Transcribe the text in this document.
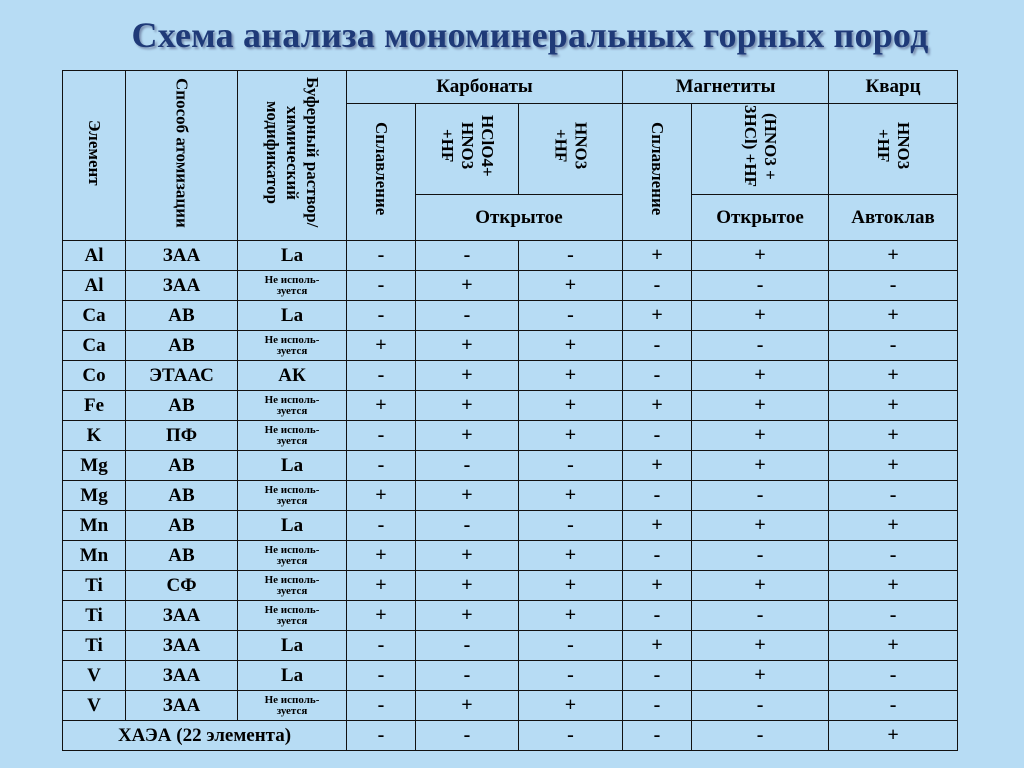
Схема анализа мономинеральных горных пород
Элемент	Способ атомизации	Буферный раствор/ химический модификатор	Карбонаты			Магнетиты		Кварц
			Сплавление	HClO4+ HNO3 +HF	HNO3 +HF	Сплавление	(HNO3 + 3HCl) +HF	HNO3 +HF
				Открытое			Открытое	Автоклав
Al	ЗАА	La	-	-	-	+	+	+
Al	ЗАА	Не исполь-
зуется	-	+	+	-	-	-
Ca	АВ	La	-	-	-	+	+	+
Ca	АВ	Не исполь-
зуется	+	+	+	-	-	-
Co	ЭТААС	АК	-	+	+	-	+	+
Fe	АВ	Не исполь-
зуется	+	+	+	+	+	+
K	ПФ	Не исполь-
зуется	-	+	+	-	+	+
Mg	АВ	La	-	-	-	+	+	+
Mg	АВ	Не исполь-
зуется	+	+	+	-	-	-
Mn	АВ	La	-	-	-	+	+	+
Mn	АВ	Не исполь-
зуется	+	+	+	-	-	-
Ti	СФ	Не исполь-
зуется	+	+	+	+	+	+
Ti	ЗАА	Не исполь-
зуется	+	+	+	-	-	-
Ti	ЗАА	La	-	-	-	+	+	+
V	ЗАА	La	-	-	-	-	+	-
V	ЗАА	Не исполь-
зуется	-	+	+	-	-	-
ХАЭА (22 элемента)			-	-	-	-	-	+
